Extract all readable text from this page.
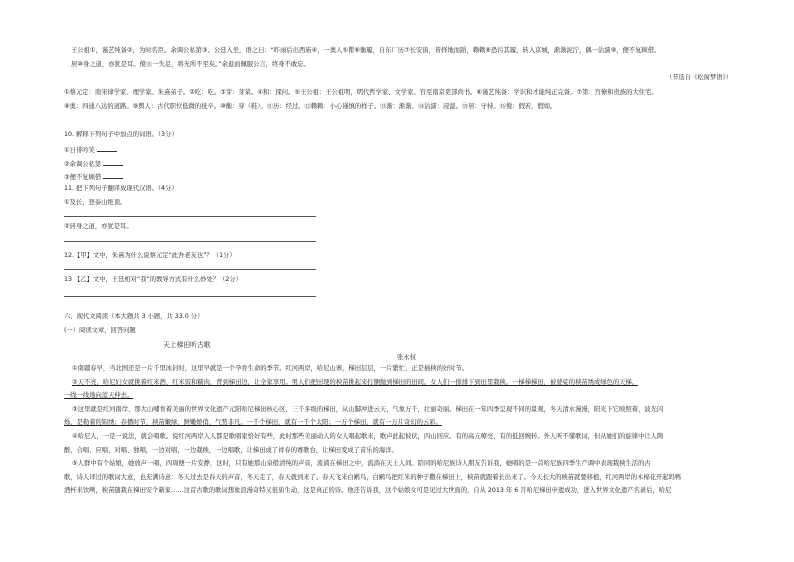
王公祖①，谨艺纯备②，为时名臣。余调公私第③。公廷入坐，语之曰：“昨雨后出西庙④，一奥人⑤瞿⑥衡履，自东厂历⑦长安街，皆择地而蹈，赖赖⑧恐污其履，转入京城，渐渐泥泞，偶一沾濡⑨，便不复顾借。
居⑩身之道，亦犹是耳。傥⑪一失足，将无所不至矣。”余退而佩服公言，终身不敢忘。
（节选自《松窗梦语》）
①蔡元定：南宋律学家、理学家。朱熹弟子。②吃：吃。③芽：芽菜。④和：探问。⑤王公祖：王公祖明，明代哲学家、文学家。官至南京吏部尚书。⑥谨艺纯备：学识和才能纯正完备。⑦第：宫僚和贵族的大住宅。
⑧奥：四通八达的道路。⑨舆人：古代职位低微的抚卒。⑩衡：穿（鞋）。⑪历：经过。⑫赖赖：小心谨慎的样子。⑬渐：渐渐。⑭沾濡：浸湿。⑮居：守持。⑯傥：假若，假如。
10. 解释下列句子中加点的词语。（3分）
①日徘吟笑
②余调公私第
③便不复顾借
11. 把下列句子翻译成现代汉语。（4分）
①及长，登泰山绝顶。
②居身之道，亦犹是耳。
12.【甲】文中，朱熹为什么说蔡元定“此吾老友也”？（1分）
13 【乙】文中，王廷相对“我”的教导方式有什么妙处？（2分）
六、现代文阅读（本大题共 3 小题，共 33.0 分）
(一）阅读文章，回答问题
天上梯田听古歌
张永权
①南疆春早，当北国还是一片千里冰封时，这里早就是一个孕育生命的季节。红河两岸，哈尼山寨，梯田层层，一片繁忙，正是插秧的好时节。
②天不亮，哈尼妇女就挑着红米酒、红米饭和糯肉，背到梯田边，让全家享用。男人们把田埂的秧苗挑起来打捆抛到梯田的田间。女人们一排排下到田里栽秧。一梯梯梯田，被婆娑的秧苗绣成绿色的天梯。
一线一线地向蓝天伸去。
③这里就是红河南岸、那大山哺育着美丽的世界文化遗产元阳哈尼梯田核心区，三千多级的梯田，从山脚冲进云天，气象万千，壮丽奇丽。梯田在一年四季呈现不同的景观，冬天清水漫漫，阳光下它映照着，波光闪
烁，是勒着的锦绣；春播时节，秧苗嫩绿，鲜嫩娇俏，气势非凡。一千个梯田，就有一千个太阳；一万个梯田，就有一万片奇幻的云彩。
④哈尼人，一是一说法，就会唱歌。说红河两岸人人都是歌唱家恰好有些，此时那些美丽动人的女人唱起歌来，歌声此起彼伏，四山回应。有的高亢嘹亮，有的低回婉转。外人听不懂歌词，但从她们的旋律中让人陶
醉，合唱、应唱、对唱、独唱，一边对唱，一边栽秧，一边唱歌，让梯田成了祥春的赛歌台，让梯田变成了音乐的海洋。
⑤人群中有个姑娘，她放声一唱，四周便一片安静，这时，只有她那山泉般清纯的声音，流淌在梯田之中，流淌在天上人间。陪同的哈尼族诗人朋友告诉我，她唱的是一首哈尼族四季生产调中表现栽秧生活的古
歌，诗人译过的歌词大意，也充满诗意：冬天过去是春天的声音，冬天走了，春天就到来了。春天飞来白鹇鸟，白鹇鸟把红米的种子撒在梯田上，秧苗就跟着长出来了。今天长大的秧苗就要移植，红河两岸的木棉花开起吗鸭
酒杯来饮咧，秧苗随栽在梯田安个新家……这首古歌的歌词想象浪漫奇特又很质生动，这是真正的诗。他还告诉我，这个姑娘女可是见过大世面的，自从 2013 年 6 月哈尼梯田申遗成功，进入世界文化遗产名录后，哈尼
